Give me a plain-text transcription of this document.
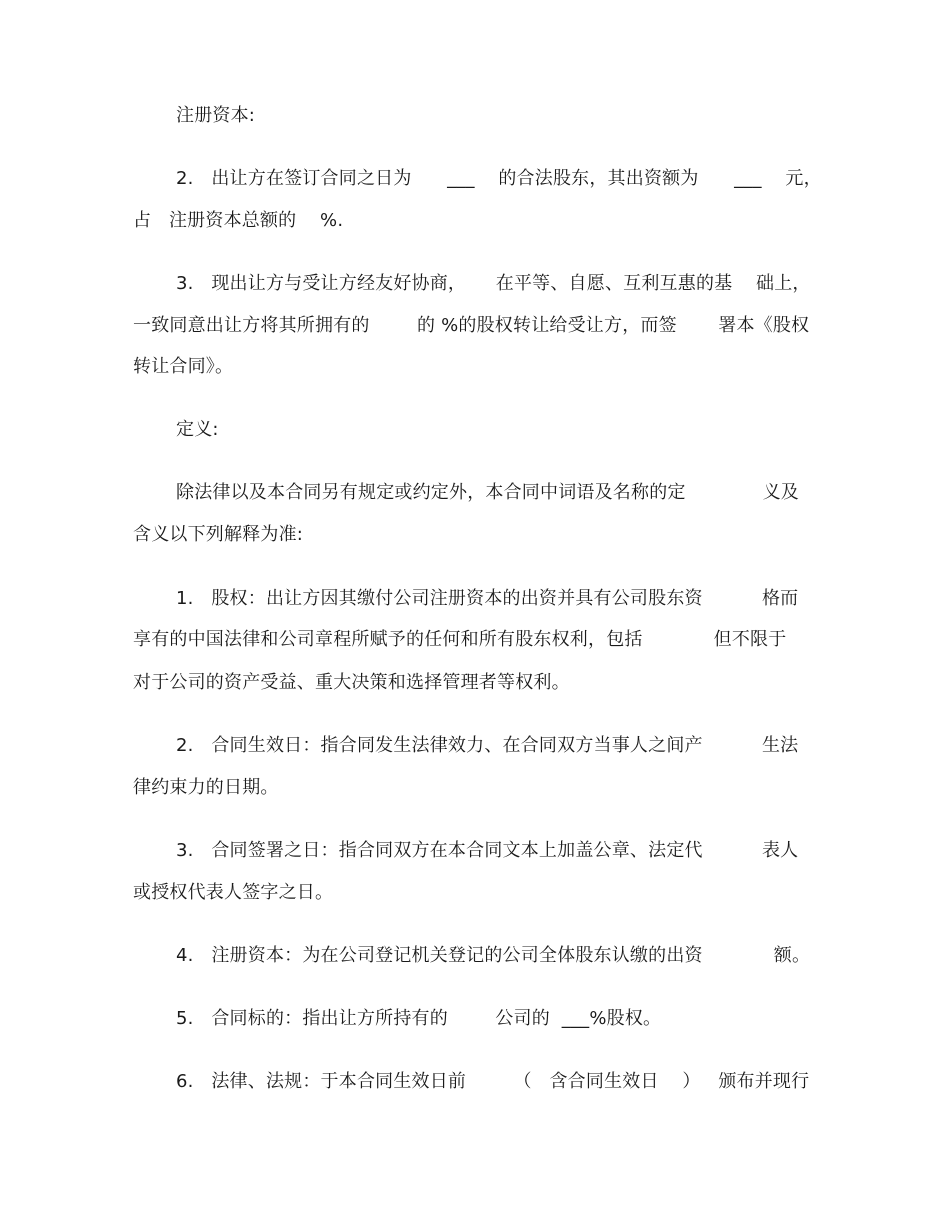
注册资本:
2.   出让方在签订合同之日为      ___    的合法股东，其出资额为      ___    元，
占   注册资本总额的    %.
3.   现出让方与受让方经友好协商，     在平等、自愿、互利互惠的基    础上，
一致同意出让方将其所拥有的        的 %的股权转让给受让方，而签       署本《股权
转让合同》。
定义:
除法律以及本合同另有规定或约定外，本合同中词语及名称的定             义及
含义以下列解释为准:
1.   股权：出让方因其缴付公司注册资本的出资并具有公司股东资          格而
享有的中国法律和公司章程所赋予的任何和所有股东权利，包括            但不限于
对于公司的资产受益、重大决策和选择管理者等权利。
2.   合同生效日：指合同发生法律效力、在合同双方当事人之间产          生法
律约束力的日期。
3.   合同签署之日：指合同双方在本合同文本上加盖公章、法定代          表人
或授权代表人签字之日。
4.   注册资本：为在公司登记机关登记的公司全体股东认缴的出资            额。
5.   合同标的：指出让方所持有的        公司的  ___%股权。
6.   法律、法规：于本合同生效日前        （   含合同生效日    ）   颁布并现行
